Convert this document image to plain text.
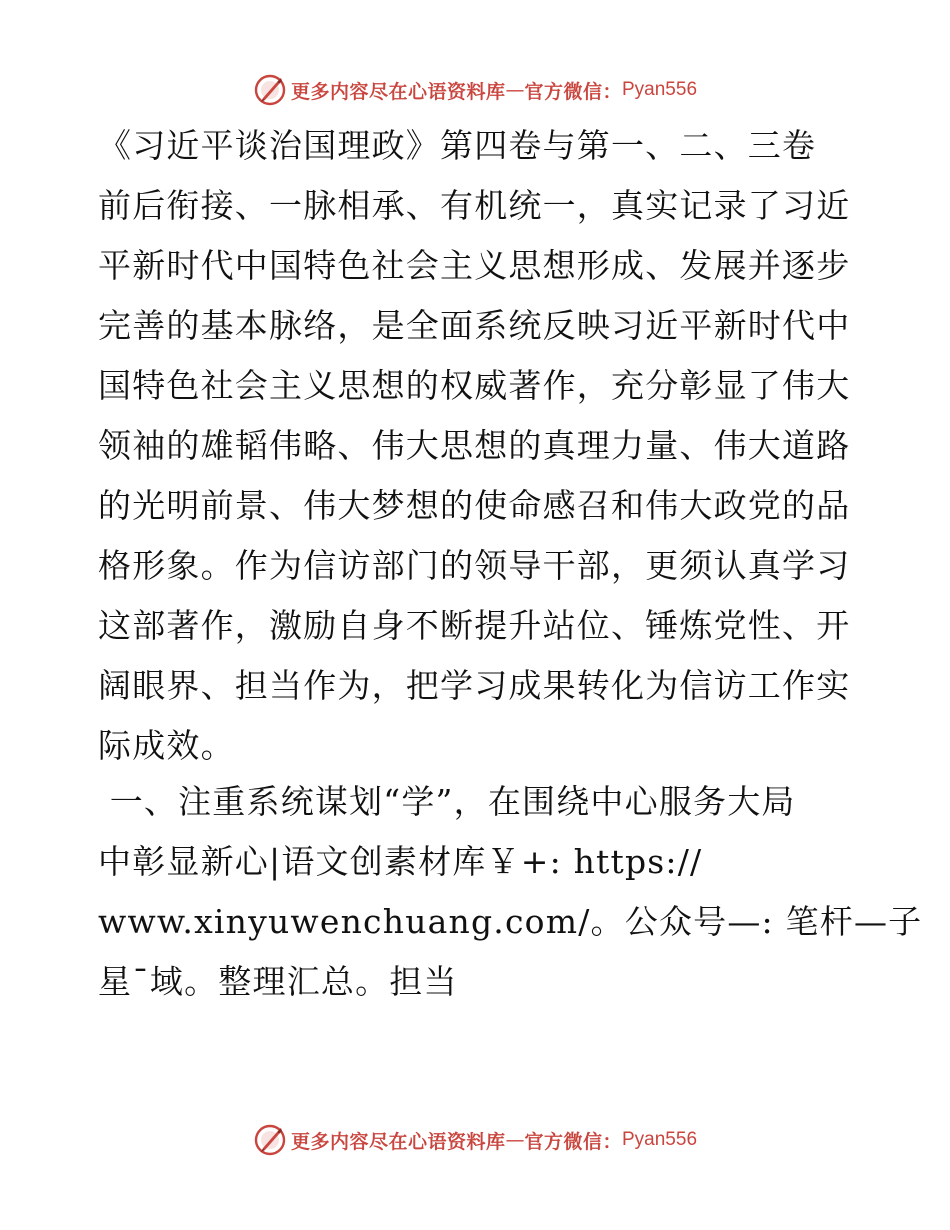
更多内容尽在心语资料库 — 官方微信： Pyan556
《习近平谈治国理政》第四卷与第一、二、三卷
前后衔接、一脉相承、有机统一，真实记录了习近
平新时代中国特色社会主义思想形成、发展并逐步
完善的基本脉络，是全面系统反映习近平新时代中
国特色社会主义思想的权威著作，充分彰显了伟大
领袖的雄韬伟略、伟大思想的真理力量、伟大道路
的光明前景、伟大梦想的使命感召和伟大政党的品
格形象。作为信访部门的领导干部，更须认真学习
这部著作，激励自身不断提升站位、锤炼党性、开
阔眼界、担当作为，把学习成果转化为信访工作实
际成效。
一、注重系统谋划“学”，在围绕中心服务大局
中彰显新心|语文创素材库￥+: https://
www.xinyuwenchuang.com/。公众号—: 笔杆—子
星¯域。整理汇总。担当
更多内容尽在心语资料库 — 官方微信： Pyan556
